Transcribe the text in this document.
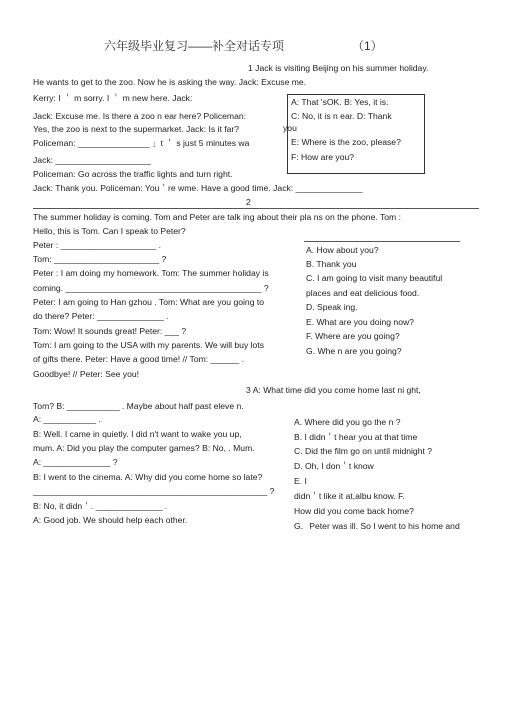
六年级毕业复习——补全对话专项	（1）
1 Jack is visiting Beijing on his summer holiday.
He wants to get to the zoo. Now he is asking the way. Jack: Excuse me.
Kerry: I ＇ m sorry. I ＇ m new here. Jack:
Jack: Excuse me. Is there a zoo n ear here? Policeman:
Yes, the zoo is next to the supermarket. Jack: Is it far?
Policeman: _______________ 」t ＇ s just 5 minutes wa
Jack: ____________________
Policeman: Go across the traffic lights and turn right.
Jack: Thank you. Policeman: You＇re wme. Have a good time. Jack: ______________
A: That 'sOK. B: Yes, it is.
C: No, it is n ear. D: Thank
you
E: Where is the zoo, please?
F: How are you?
2
The summer holiday is coming. Tom and Peter are talk ing about their pla ns on the phone. Tom :
Hello, this is Tom. Can I speak to Peter?
Peter : ____________________ .
Tom: ______________________ ?
Peter : I am doing my homework. Tom: The summer holiday is
coming. _________________________________________ ?
Peter: I am going to Han gzhou . Tom: What are you going to
do there? Peter: ______________ .
Tom: Wow! It sounds great! Peter: ___ ?
Tom: I am going to the USA with my parents. We will buy lots
of gifts there. Peter: Have a good time! // Tom: ______ .
Goodbye! // Peter: See you!
A. How about you?
B. Thank you
C. I am going to visit many beautiful
places and eat delicious food.
D. Speak ing.
E. What are you doing now?
F. Where are you going?
G. Whe n are you going?
3 A: What time did you come home last ni ght,
Tom? B: ___________ . Maybe about half past eleve n.
A: ___________ .
B: Well. I came in quietly. I did n't want to wake you up,
mum. A: Did you play the computer games? B: No, . Mum.
A: ______________ ?
B: I went to the cinema. A: Why did you come home so late?
_________________________________________________ ?
B: No, it didn＇. ______________ .
A: Good job. We should help each other.
A. Where did you go the n ?
B. I didn＇t hear you at that time
C. Did the film go on until midnight ?
D. Oh, I don＇t know
E. I
didn＇t like it at,albu know. F.
How did you come back home?
G．Peter was ill. So I went to his home and
